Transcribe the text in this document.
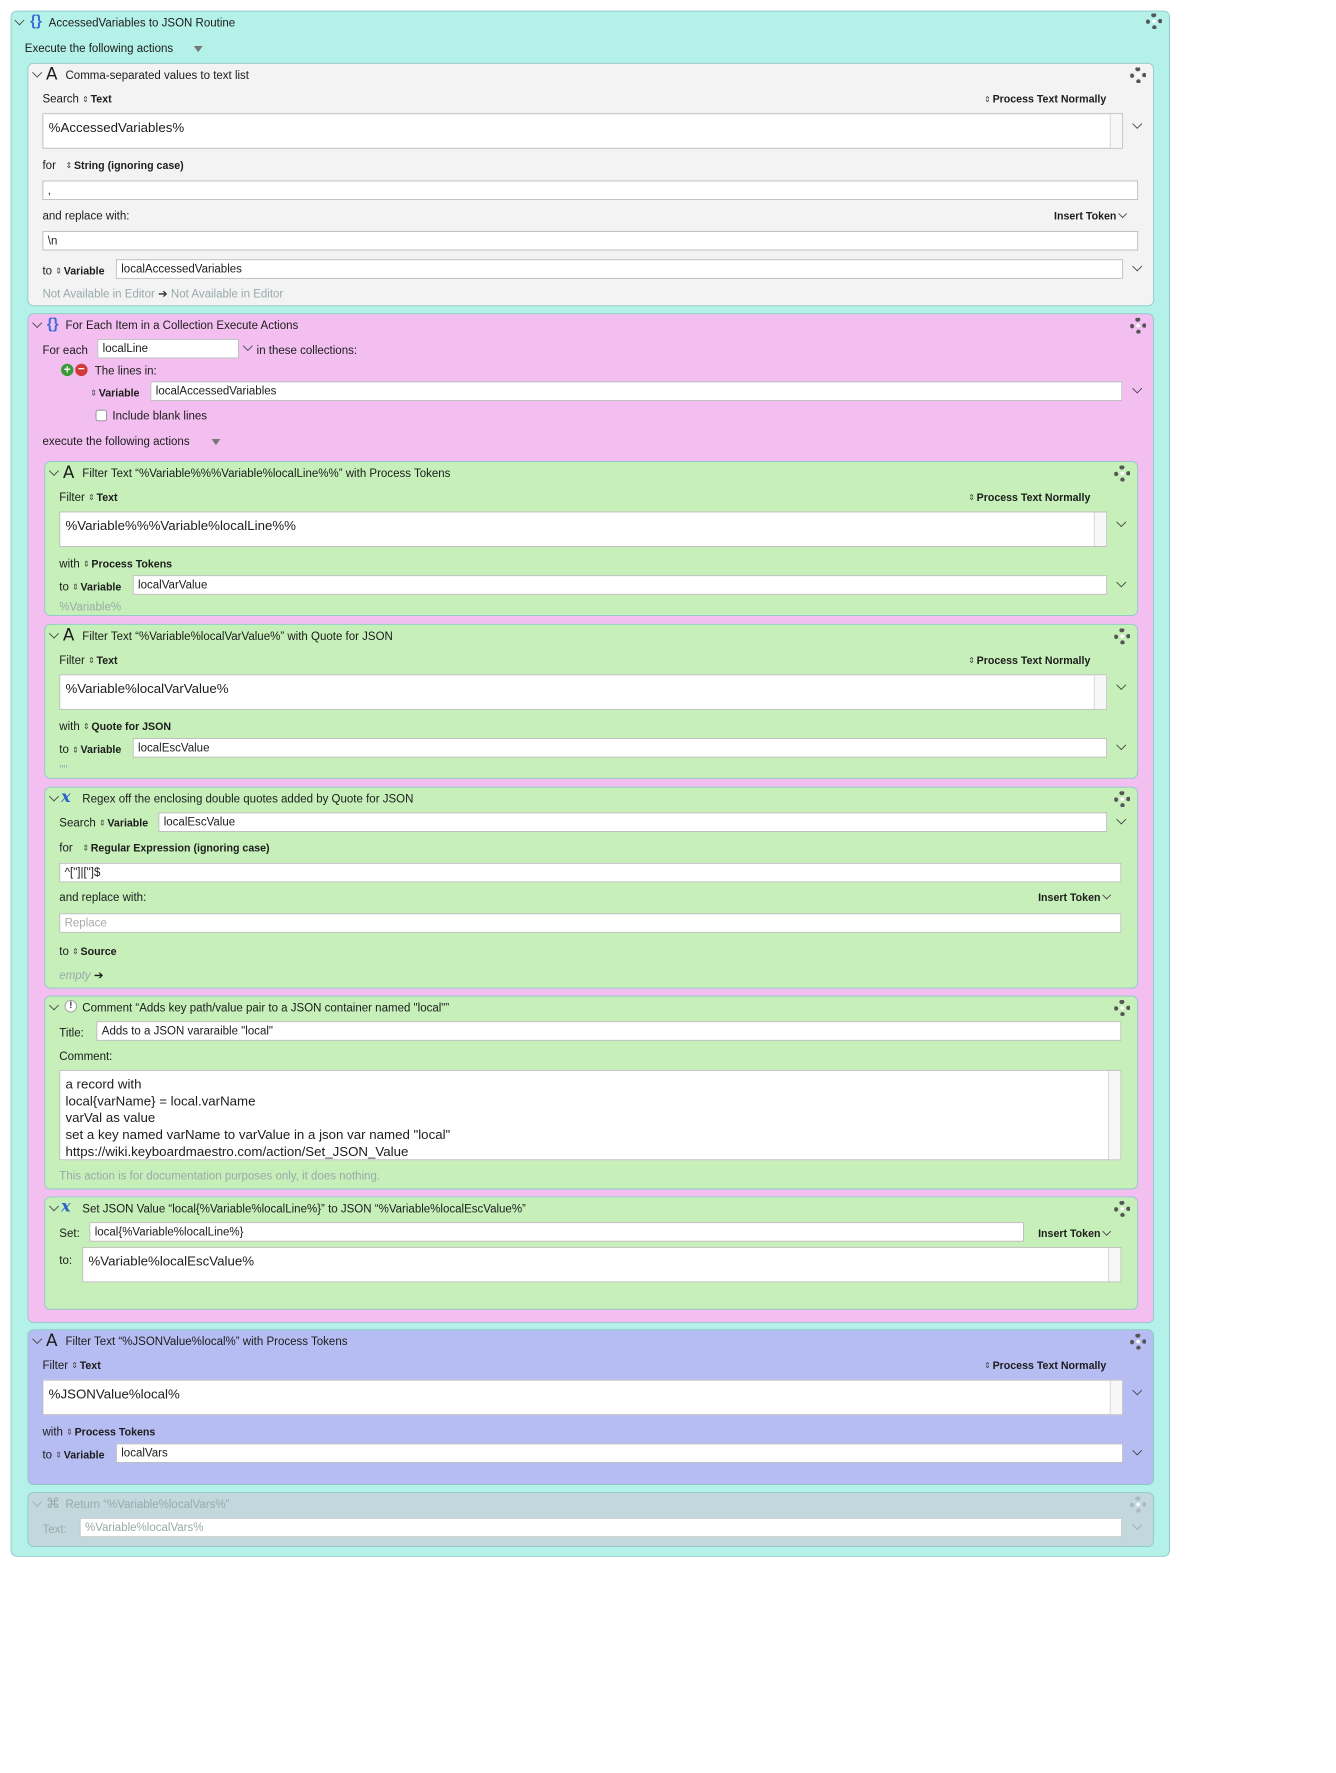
{} AccessedVariables to JSON Routine
Execute the following actions
A Comma-separated values to text list
Search ⇕ Text	⇕ Process Text Normally
%AccessedVariables%
for ⇕ String (ignoring case)
,
and replace with:	Insert Token
\n
to ⇕ Variable	localAccessedVariables
Not Available in Editor ➔ Not Available in Editor
{} For Each Item in a Collection Execute Actions
For each	localLine	in these collections:
+ − The lines in:
⇕ Variable	localAccessedVariables
Include blank lines
execute the following actions
A Filter Text “%Variable%%%Variable%localLine%%” with Process Tokens
Filter ⇕ Text	⇕ Process Text Normally
%Variable%%%Variable%localLine%%
with ⇕ Process Tokens
to ⇕ Variable	localVarValue
%Variable%
A Filter Text “%Variable%localVarValue%” with Quote for JSON
Filter ⇕ Text	⇕ Process Text Normally
%Variable%localVarValue%
with ⇕ Quote for JSON
to ⇕ Variable	localEscValue
""
x Regex off the enclosing double quotes added by Quote for JSON
Search ⇕ Variable	localEscValue
for ⇕ Regular Expression (ignoring case)
^["]|["]$
and replace with:	Insert Token
Replace
to ⇕ Source
empty ➔
! Comment “Adds key path/value pair to a JSON container named "local"”
Title:	Adds to a JSON vararaible "local"
Comment:
a record with
local{varName} = local.varName
varVal as value
set a key named varName to varValue in a json var named "local"
https://wiki.keyboardmaestro.com/action/Set_JSON_Value
This action is for documentation purposes only, it does nothing.
x Set JSON Value “local{%Variable%localLine%}” to JSON “%Variable%localEscValue%”
Set:	local{%Variable%localLine%}	Insert Token
to:	%Variable%localEscValue%
A Filter Text “%JSONValue%local%” with Process Tokens
Filter ⇕ Text	⇕ Process Text Normally
%JSONValue%local%
with ⇕ Process Tokens
to ⇕ Variable	localVars
⌘ Return “%Variable%localVars%”
Text:	%Variable%localVars%
